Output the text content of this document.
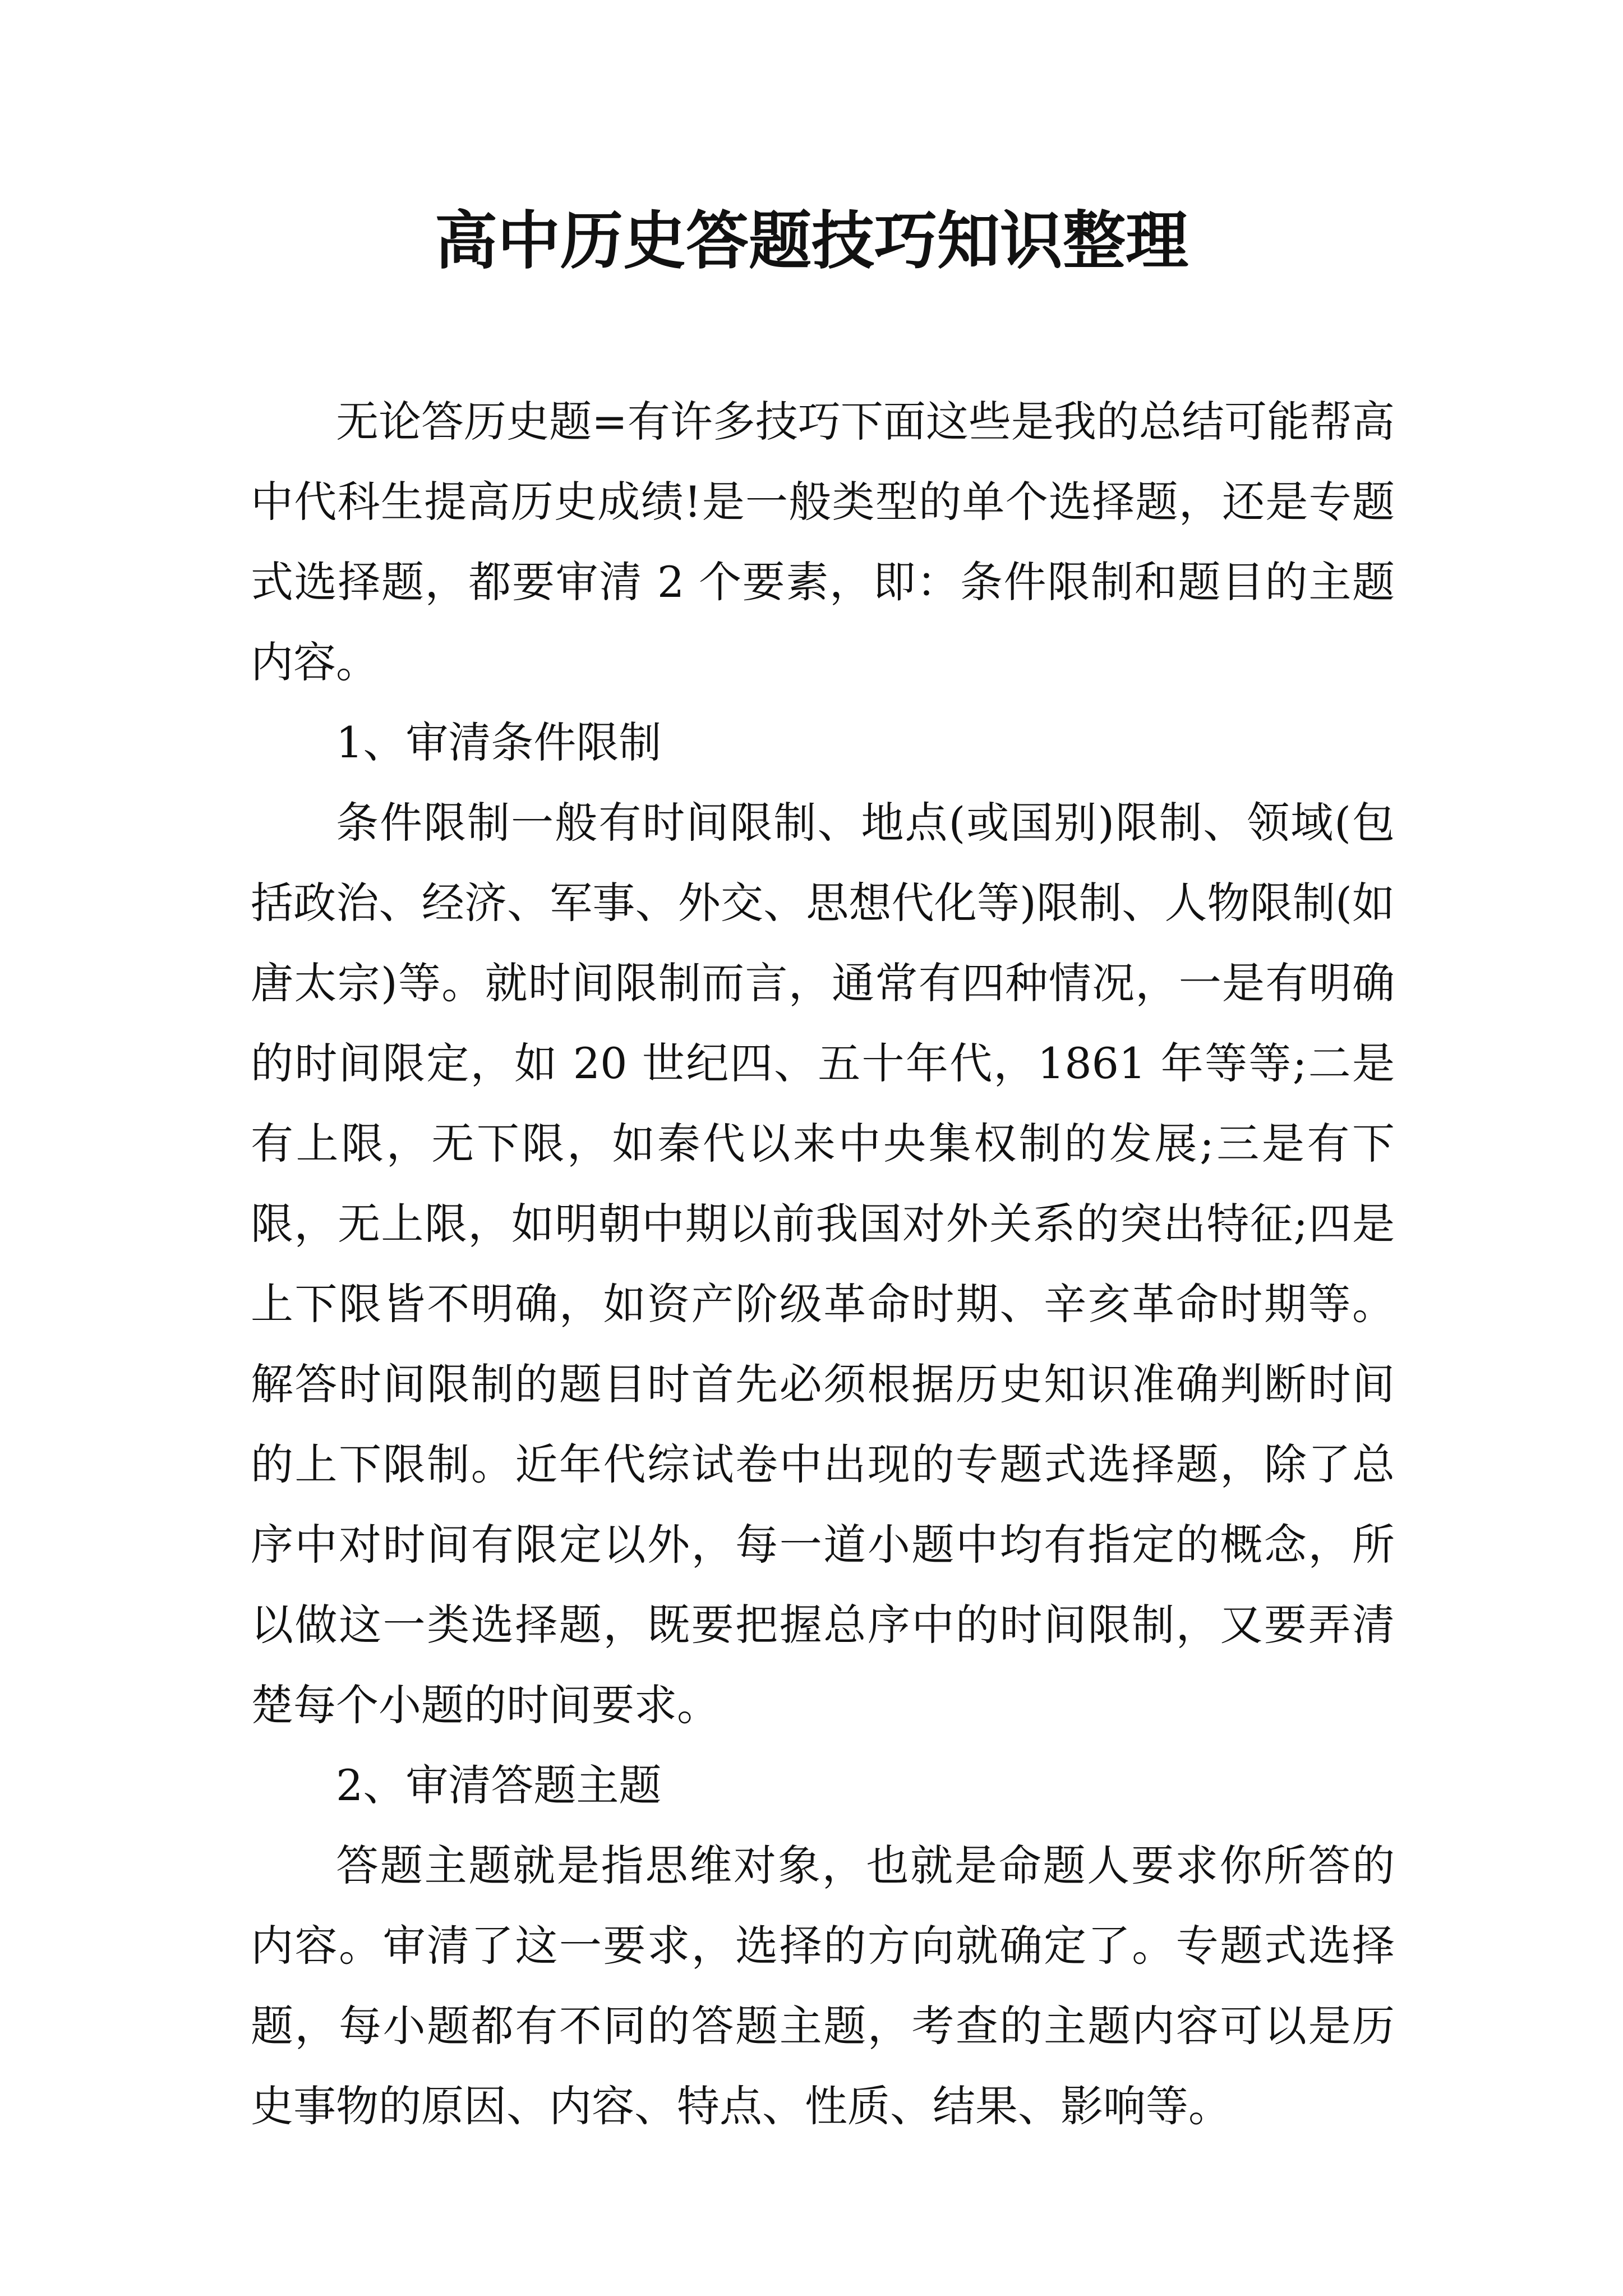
高中历史答题技巧知识整理

无论答历史题=有许多技巧下面这些是我的总结可能帮高中代科生提高历史成绩!是一般类型的单个选择题，还是专题式选择题，都要审清 2 个要素，即：条件限制和题目的主题内容。

1、审清条件限制

条件限制一般有时间限制、地点(或国别)限制、领域(包括政治、经济、军事、外交、思想代化等)限制、人物限制(如唐太宗)等。就时间限制而言，通常有四种情况，一是有明确的时间限定，如 20 世纪四、五十年代，1861 年等等;二是有上限，无下限，如秦代以来中央集权制的发展;三是有下限，无上限，如明朝中期以前我国对外关系的突出特征;四是上下限皆不明确，如资产阶级革命时期、辛亥革命时期等。解答时间限制的题目时首先必须根据历史知识准确判断时间的上下限制。近年代综试卷中出现的专题式选择题，除了总序中对时间有限定以外，每一道小题中均有指定的概念，所以做这一类选择题，既要把握总序中的时间限制，又要弄清楚每个小题的时间要求。

2、审清答题主题

答题主题就是指思维对象，也就是命题人要求你所答的内容。审清了这一要求，选择的方向就确定了。专题式选择题，每小题都有不同的答题主题，考查的主题内容可以是历史事物的原因、内容、特点、性质、结果、影响等。
